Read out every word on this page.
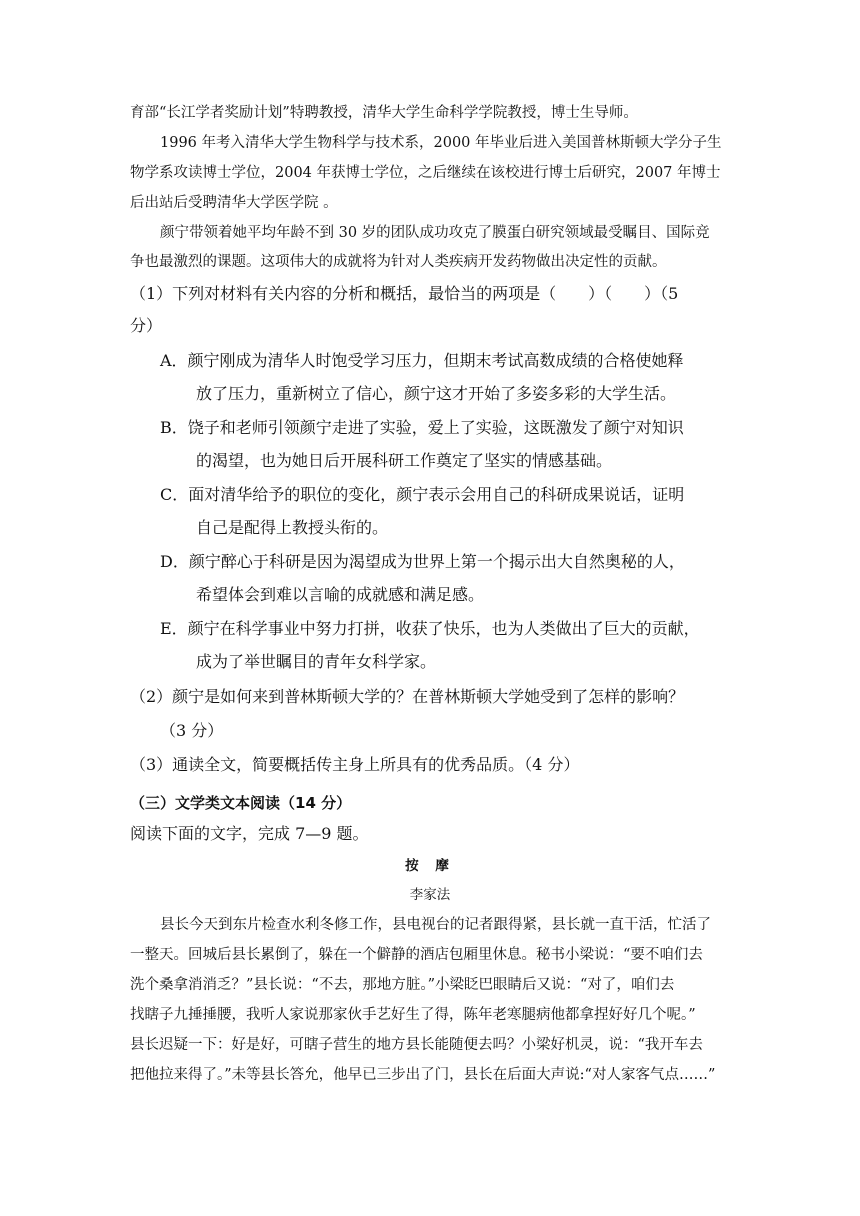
育部“长江学者奖励计划”特聘教授，清华大学生命科学学院教授，博士生导师。
1996 年考入清华大学生物科学与技术系，2000 年毕业后进入美国普林斯顿大学分子生
物学系攻读博士学位，2004 年获博士学位，之后继续在该校进行博士后研究，2007 年博士
后出站后受聘清华大学医学院 。
颜宁带领着她平均年龄不到 30 岁的团队成功攻克了膜蛋白研究领域最受瞩目、国际竞
争也最激烈的课题。这项伟大的成就将为针对人类疾病开发药物做出决定性的贡献。
（1）下列对材料有关内容的分析和概括，最恰当的两项是（　　）（　　）（5
分）
A．颜宁刚成为清华人时饱受学习压力，但期末考试高数成绩的合格使她释
放了压力，重新树立了信心，颜宁这才开始了多姿多彩的大学生活。
B．饶子和老师引领颜宁走进了实验，爱上了实验，这既激发了颜宁对知识
的渴望，也为她日后开展科研工作奠定了坚实的情感基础。
C．面对清华给予的职位的变化，颜宁表示会用自己的科研成果说话，证明
自己是配得上教授头衔的。
D．颜宁醉心于科研是因为渴望成为世界上第一个揭示出大自然奥秘的人，
希望体会到难以言喻的成就感和满足感。
E．颜宁在科学事业中努力打拼，收获了快乐，也为人类做出了巨大的贡献，
成为了举世瞩目的青年女科学家。
（2）颜宁是如何来到普林斯顿大学的？在普林斯顿大学她受到了怎样的影响？
（3 分）
（3）通读全文，简要概括传主身上所具有的优秀品质。（4 分）
（三）文学类文本阅读（14 分）
阅读下面的文字，完成 7—9 题。
按 摩
李家法
县长今天到东片检查水利冬修工作，县电视台的记者跟得紧，县长就一直干活，忙活了
一整天。回城后县长累倒了，躲在一个僻静的酒店包厢里休息。秘书小梁说：“要不咱们去
洗个桑拿消消乏？”县长说：“不去，那地方脏。”小梁眨巴眼睛后又说：“对了，咱们去
找瞎子九捶捶腰，我听人家说那家伙手艺好生了得，陈年老寒腿病他都拿捏好好几个呢。”
县长迟疑一下：好是好，可瞎子营生的地方县长能随便去吗？小梁好机灵，说：“我开车去
把他拉来得了。”未等县长答允，他早已三步出了门，县长在后面大声说:“对人家客气点……”
